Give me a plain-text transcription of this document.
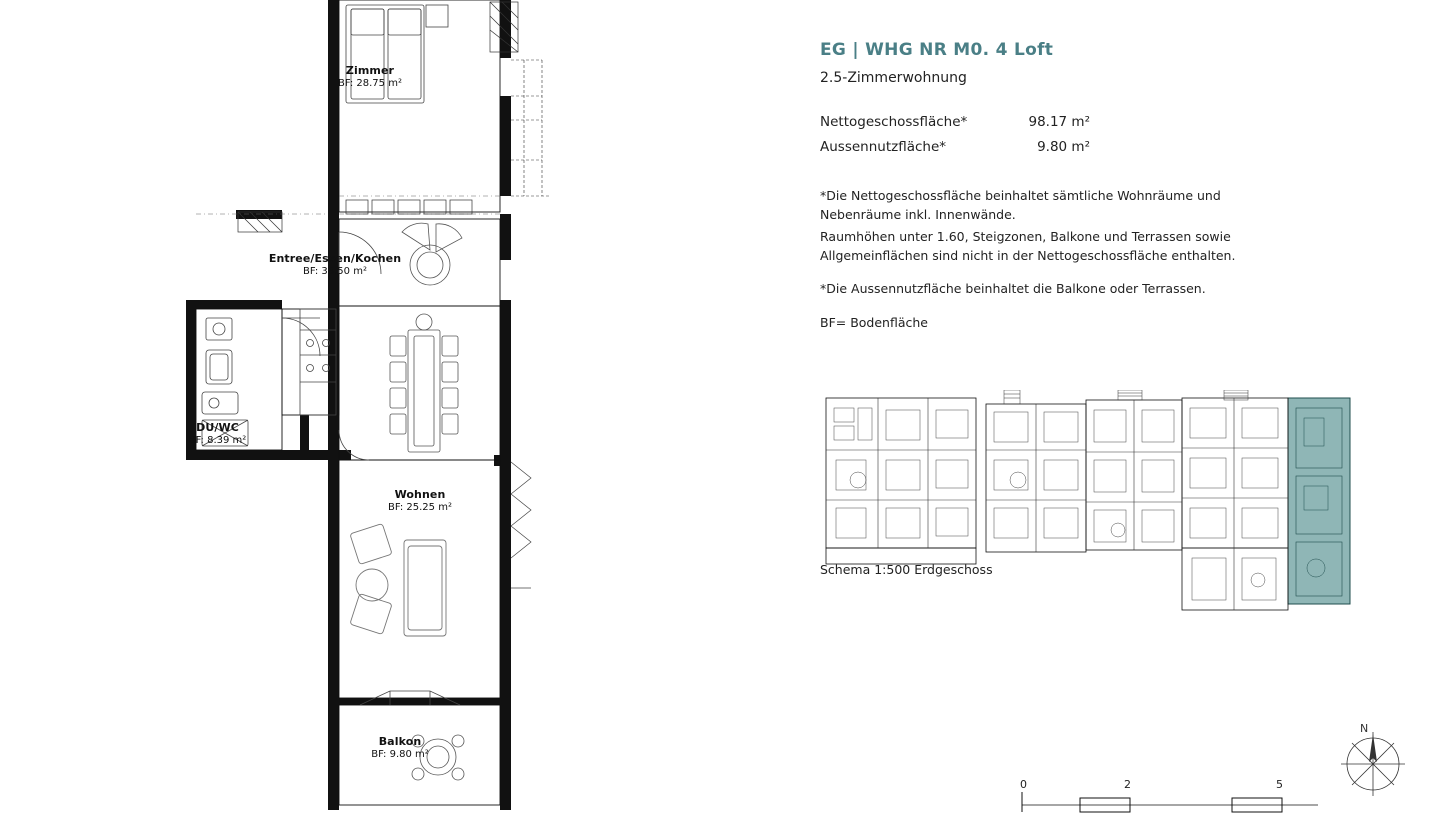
Zimmer
BF: 28.75 m²
Entree/Essen/Kochen
BF: 35.50 m²
DU/WC
BF: 8.39 m²
Wohnen
BF: 25.25 m²
Balkon
BF: 9.80 m²
EG | WHG NR M0. 4 Loft
2.5-Zimmerwohnung
Nettogeschossfläche*	98.17 m²
Aussennutzfläche*	9.80 m²

*Die Nettogeschossfläche beinhaltet sämtliche Wohnräume und Nebenräume inkl. Innenwände.

Raumhöhen unter 1.60, Steigzonen, Balkone und Terrassen sowie Allgemeinflächen sind nicht in der Nettogeschossfläche enthalten.

*Die Aussennutzfläche beinhaltet die Balkone oder Terrassen.

BF= Bodenfläche

Schema 1:500 Erdgeschoss
0	2	5
N
